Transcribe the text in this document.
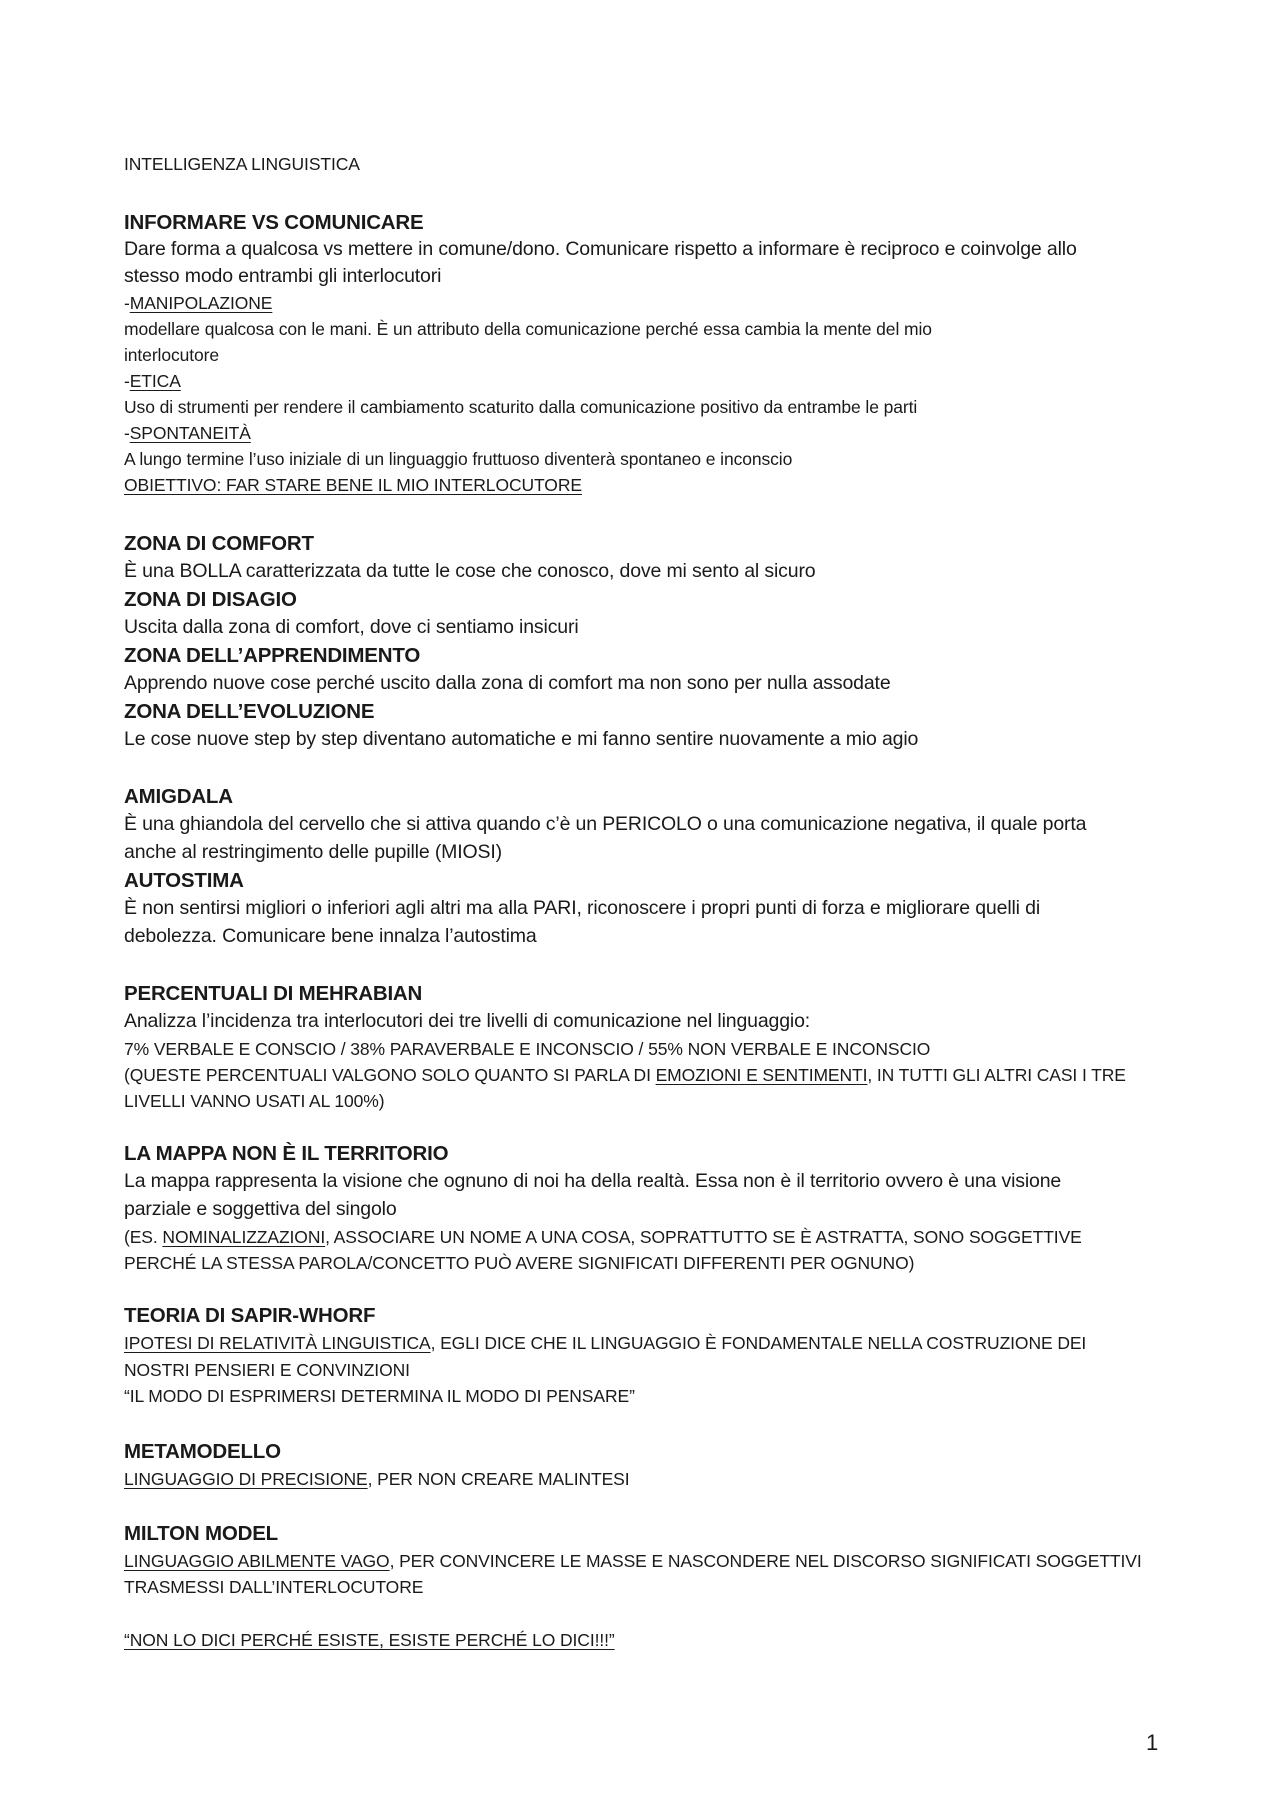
INTELLIGENZA LINGUISTICA
INFORMARE VS COMUNICARE
Dare forma a qualcosa vs mettere in comune/dono. Comunicare rispetto a informare è reciproco e coinvolge allo
stesso modo entrambi gli interlocutori
-MANIPOLAZIONE
modellare qualcosa con le mani. È un attributo della comunicazione perché essa cambia la mente del mio
interlocutore
-ETICA
Uso di strumenti per rendere il cambiamento scaturito dalla comunicazione positivo da entrambe le parti
-SPONTANEITÀ
A lungo termine l’uso iniziale di un linguaggio fruttuoso diventerà spontaneo e inconscio
OBIETTIVO: FAR STARE BENE IL MIO INTERLOCUTORE
ZONA DI COMFORT
È una BOLLA caratterizzata da tutte le cose che conosco, dove mi sento al sicuro
ZONA DI DISAGIO
Uscita dalla zona di comfort, dove ci sentiamo insicuri
ZONA DELL’APPRENDIMENTO
Apprendo nuove cose perché uscito dalla zona di comfort ma non sono per nulla assodate
ZONA DELL’EVOLUZIONE
Le cose nuove step by step diventano automatiche e mi fanno sentire nuovamente a mio agio
AMIGDALA
È una ghiandola del cervello che si attiva quando c’è un PERICOLO o una comunicazione negativa, il quale porta
anche al restringimento delle pupille (MIOSI)
AUTOSTIMA
È non sentirsi migliori o inferiori agli altri ma alla PARI, riconoscere i propri punti di forza e migliorare quelli di
debolezza. Comunicare bene innalza l’autostima
PERCENTUALI DI MEHRABIAN
Analizza l’incidenza tra interlocutori dei tre livelli di comunicazione nel linguaggio:
7% VERBALE E CONSCIO / 38% PARAVERBALE E INCONSCIO / 55% NON VERBALE E INCONSCIO
(QUESTE PERCENTUALI VALGONO SOLO QUANTO SI PARLA DI EMOZIONI E SENTIMENTI, IN TUTTI GLI ALTRI CASI I TRE
LIVELLI VANNO USATI AL 100%)
LA MAPPA NON È IL TERRITORIO
La mappa rappresenta la visione che ognuno di noi ha della realtà. Essa non è il territorio ovvero è una visione
parziale e soggettiva del singolo
(ES. NOMINALIZZAZIONI, ASSOCIARE UN NOME A UNA COSA, SOPRATTUTTO SE È ASTRATTA, SONO SOGGETTIVE
PERCHÉ LA STESSA PAROLA/CONCETTO PUÒ AVERE SIGNIFICATI DIFFERENTI PER OGNUNO)
TEORIA DI SAPIR-WHORF
IPOTESI DI RELATIVITÀ LINGUISTICA, EGLI DICE CHE IL LINGUAGGIO È FONDAMENTALE NELLA COSTRUZIONE DEI
NOSTRI PENSIERI E CONVINZIONI
“IL MODO DI ESPRIMERSI DETERMINA IL MODO DI PENSARE”
METAMODELLO
LINGUAGGIO DI PRECISIONE, PER NON CREARE MALINTESI
MILTON MODEL
LINGUAGGIO ABILMENTE VAGO, PER CONVINCERE LE MASSE E NASCONDERE NEL DISCORSO SIGNIFICATI SOGGETTIVI
TRASMESSI DALL’INTERLOCUTORE
“NON LO DICI PERCHÉ ESISTE, ESISTE PERCHÉ LO DICI!!!”
1
